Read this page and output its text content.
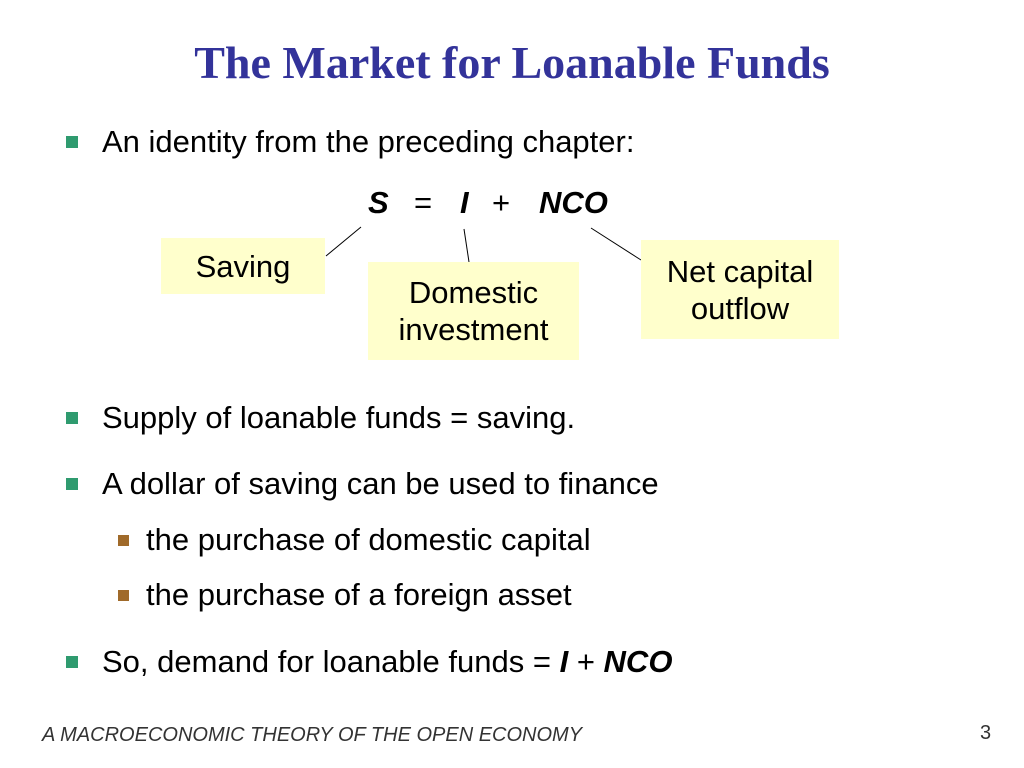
The Market for Loanable Funds
An identity from the preceding chapter:
S = I + NCO
Saving
Domestic
investment
Net capital
outflow
Supply of loanable funds = saving.
A dollar of saving can be used to finance
the purchase of domestic capital
the purchase of a foreign asset
So, demand for loanable funds = I + NCO
A MACROECONOMIC THEORY OF THE OPEN ECONOMY	3
